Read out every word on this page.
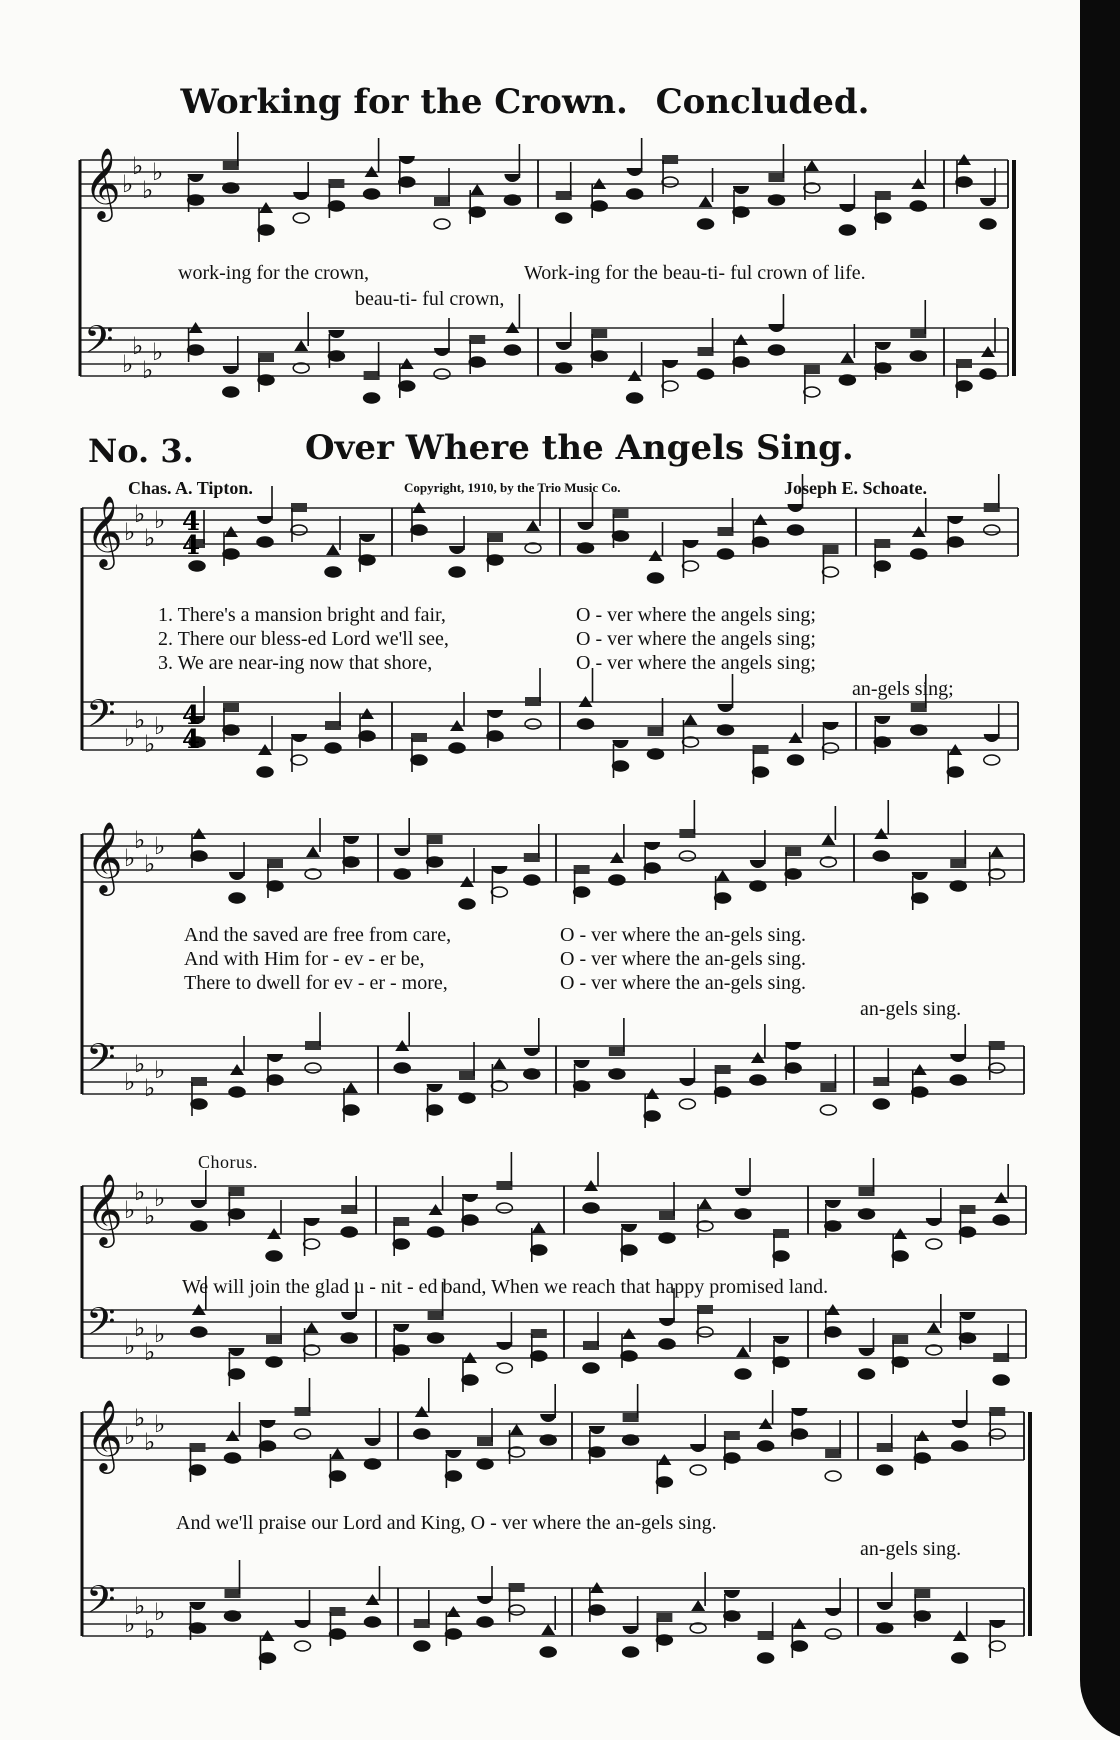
Working for the Crown. Concluded.
work-ing for the crown,	Work-ing for the beau-ti- ful crown of life.
beau-ti- ful crown,
No. 3.	Over Where the Angels Sing.
Chas. A. Tipton.	Copyright, 1910, by the Trio Music Co.	Joseph E. Schoate.
1. There's a mansion bright and fair,	O - ver where the angels sing;
2. There our bless-ed Lord we'll see,	O - ver where the angels sing;
3. We are near-ing now that shore,	O - ver where the angels sing;
an-gels sing;
And the saved are free from care,	O - ver where the an-gels sing.
And with Him for - ev - er be,	O - ver where the an-gels sing.
There to dwell for ev - er - more,	O - ver where the an-gels sing.
an-gels sing.
Chorus.
We will join the glad u - nit - ed band, When we reach that happy promised land.
And we'll praise our Lord and King, O - ver where the an-gels sing.
an-gels sing.
𝄞 ♭
♭
♭
♭
𝄢 ♭
♭
♭
♭
𝄞 ♭
♭
♭
♭
𝄢 ♭
♭
♭
♭
𝄞 ♭
♭
♭
♭
𝄢 ♭
♭
♭
♭
𝄞 ♭
♭
♭
♭
𝄢 ♭
♭
♭
♭
𝄞 ♭
♭
♭
♭
𝄢 ♭
♭
♭
♭
4
4
4
4
